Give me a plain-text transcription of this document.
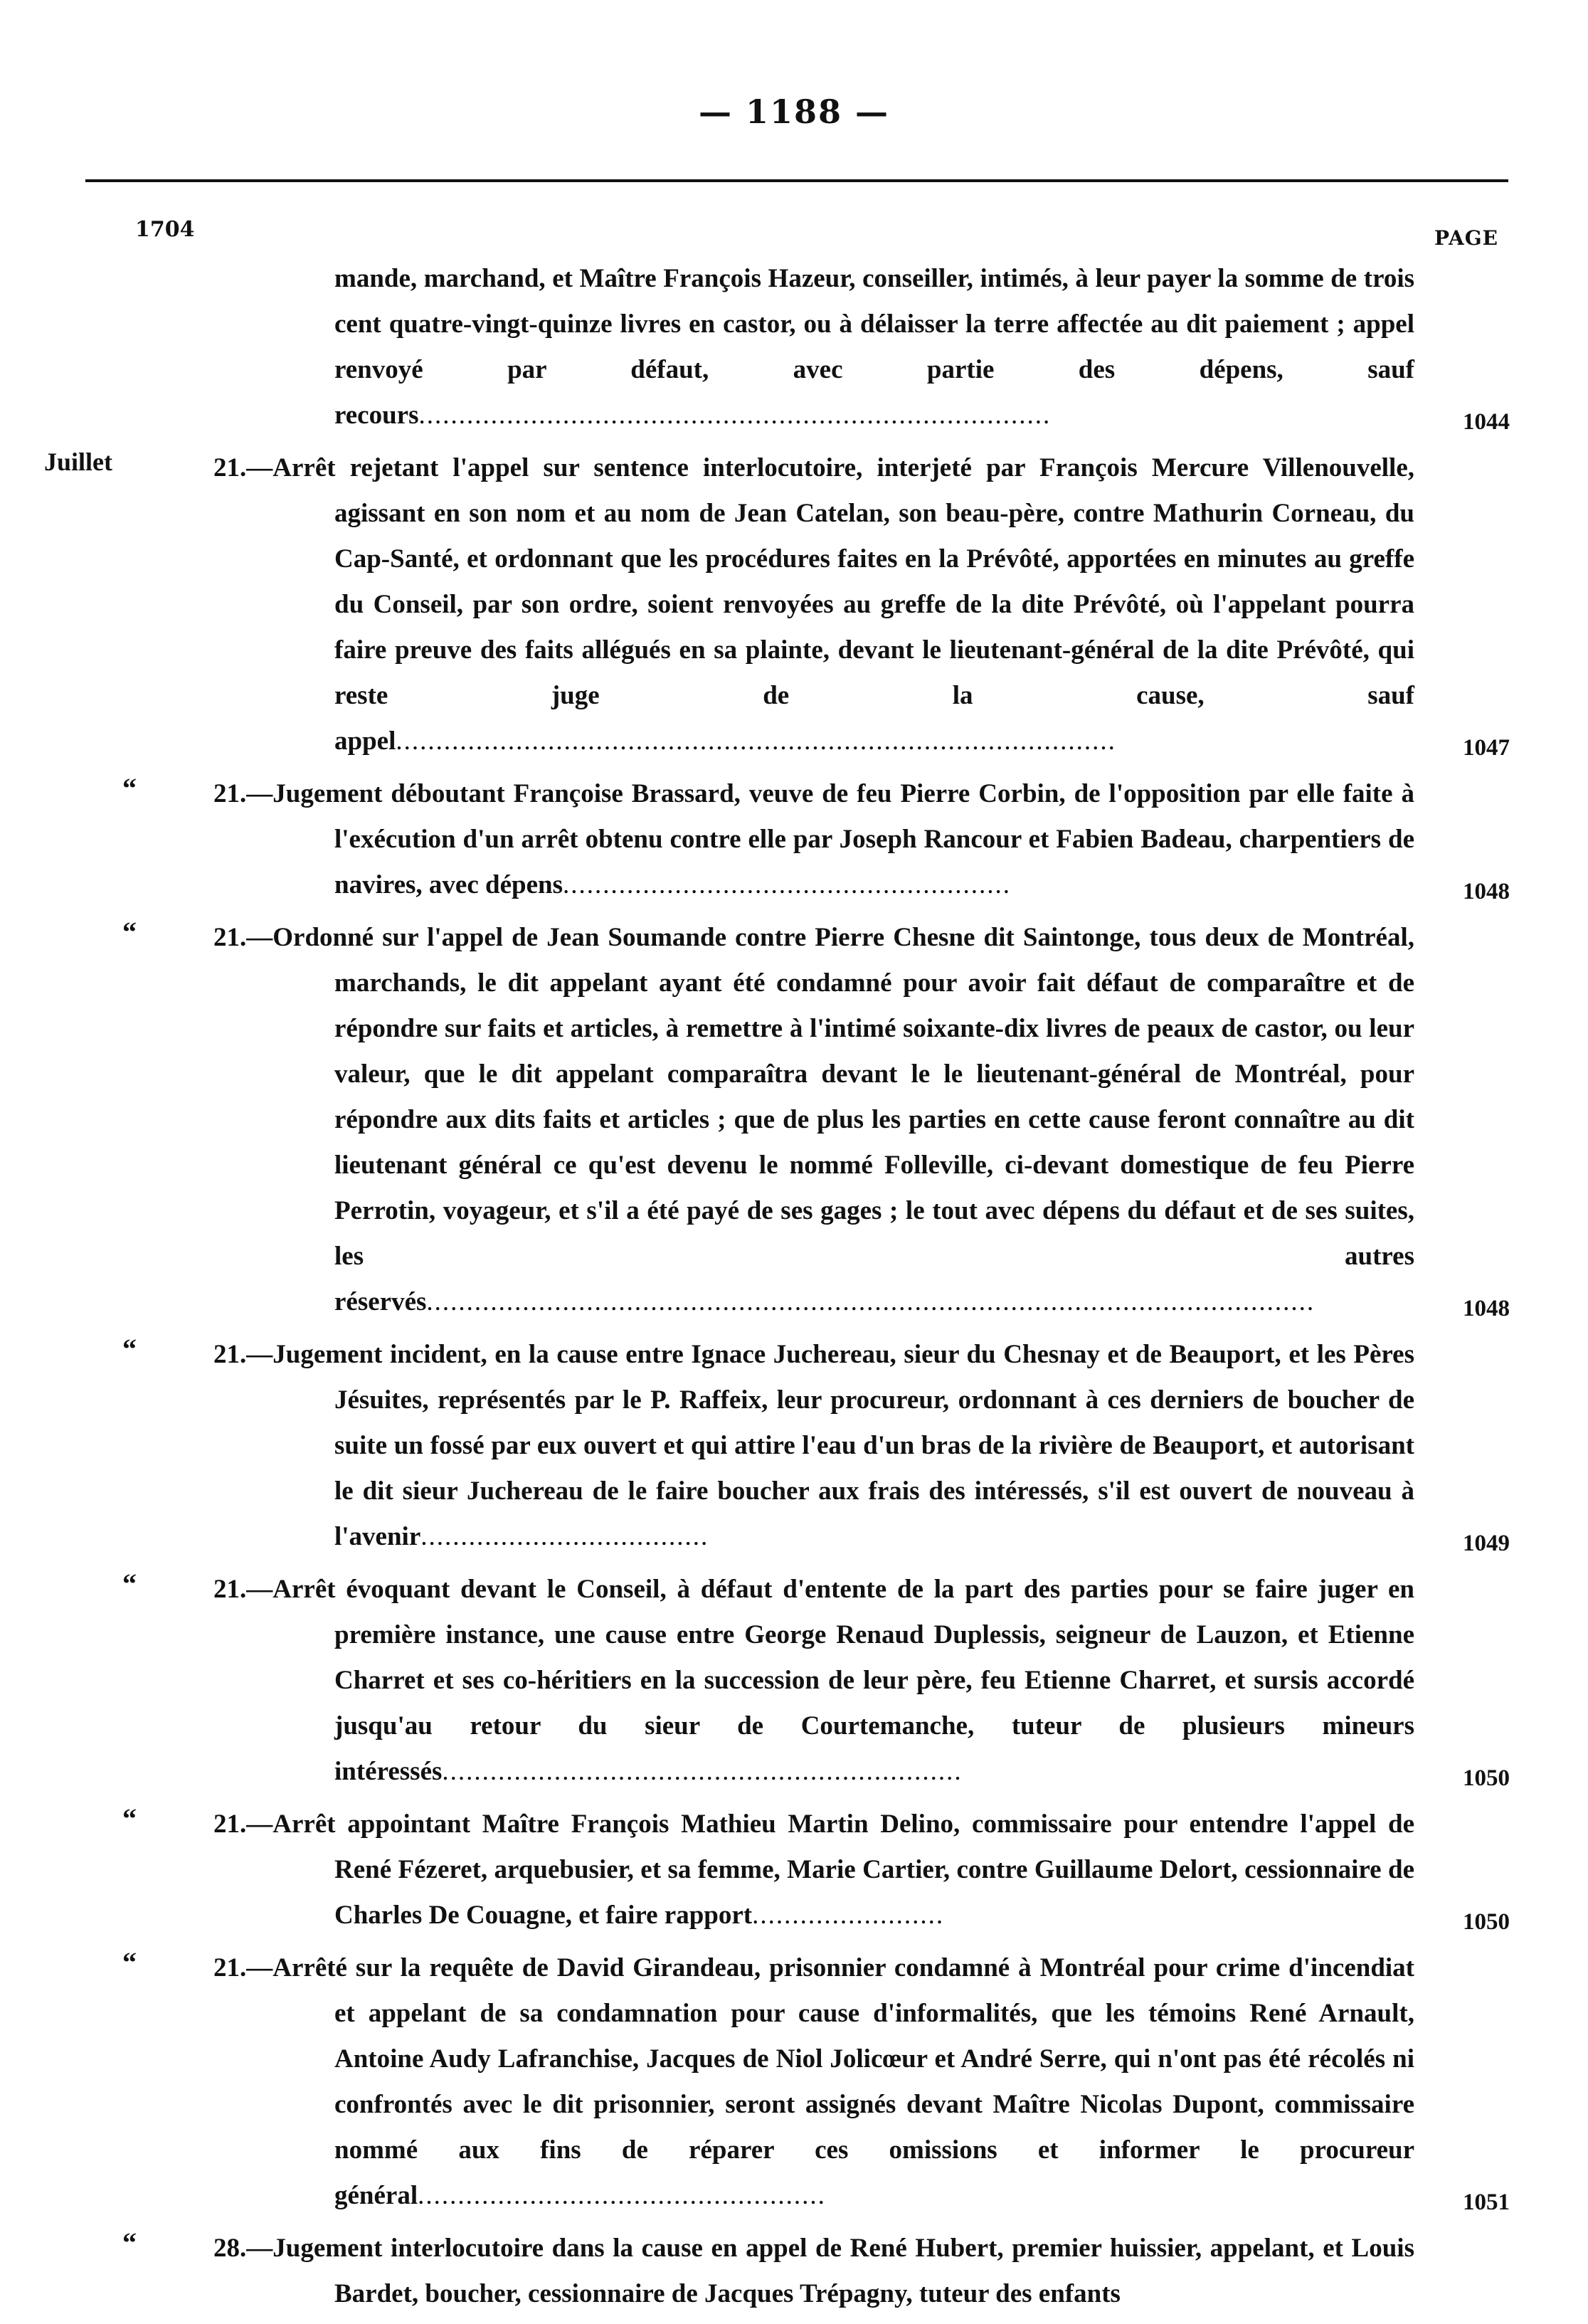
— 1188 —
1704	PAGE
mande, marchand, et Maître François Hazeur, conseiller, intimés, à leur payer la somme de trois cent quatre-vingt-quinze livres en castor, ou à délaisser la terre affectée au dit paiement ; appel renvoyé par défaut, avec partie des dépens, sauf recours...............................................................................	1044
Juillet	21.—Arrêt rejetant l'appel sur sentence interlocutoire, interjeté par François Mercure Villenouvelle, agissant en son nom et au nom de Jean Catelan, son beau-père, contre Mathurin Corneau, du Cap-Santé, et ordonnant que les procédures faites en la Prévôté, apportées en minutes au greffe du Conseil, par son ordre, soient renvoyées au greffe de la dite Prévôté, où l'appelant pourra faire preuve des faits allégués en sa plainte, devant le lieutenant-général de la dite Prévôté, qui reste juge de la cause, sauf appel..........................................................................................	1047
“	21.—Jugement déboutant Françoise Brassard, veuve de feu Pierre Corbin, de l'opposition par elle faite à l'exécution d'un arrêt obtenu contre elle par Joseph Rancour et Fabien Badeau, charpentiers de navires, avec dépens........................................................	1048
“	21.—Ordonné sur l'appel de Jean Soumande contre Pierre Chesne dit Saintonge, tous deux de Montréal, marchands, le dit appelant ayant été condamné pour avoir fait défaut de comparaître et de répondre sur faits et articles, à remettre à l'intimé soixante-dix livres de peaux de castor, ou leur valeur, que le dit appelant comparaîtra devant le le lieutenant-général de Montréal, pour répondre aux dits faits et articles ; que de plus les parties en cette cause feront connaître au dit lieutenant général ce qu'est devenu le nommé Folleville, ci-devant domestique de feu Pierre Perrotin, voyageur, et s'il a été payé de ses gages ; le tout avec dépens du défaut et de ses suites, les autres réservés...............................................................................................................	1048
“	21.—Jugement incident, en la cause entre Ignace Juchereau, sieur du Chesnay et de Beauport, et les Pères Jésuites, représentés par le P. Raffeix, leur procureur, ordonnant à ces derniers de boucher de suite un fossé par eux ouvert et qui attire l'eau d'un bras de la rivière de Beauport, et autorisant le dit sieur Juchereau de le faire boucher aux frais des intéressés, s'il est ouvert de nouveau à l'avenir....................................	1049
“	21.—Arrêt évoquant devant le Conseil, à défaut d'entente de la part des parties pour se faire juger en première instance, une cause entre George Renaud Duplessis, seigneur de Lauzon, et Etienne Charret et ses co-héritiers en la succession de leur père, feu Etienne Charret, et sursis accordé jusqu'au retour du sieur de Courtemanche, tuteur de plusieurs mineurs intéressés.................................................................	1050
“	21.—Arrêt appointant Maître François Mathieu Martin Delino, commissaire pour entendre l'appel de René Fézeret, arquebusier, et sa femme, Marie Cartier, contre Guillaume Delort, cessionnaire de Charles De Couagne, et faire rapport........................	1050
“	21.—Arrêté sur la requête de David Girandeau, prisonnier condamné à Montréal pour crime d'incendiat et appelant de sa condamnation pour cause d'informalités, que les témoins René Arnault, Antoine Audy Lafranchise, Jacques de Niol Jolicœur et André Serre, qui n'ont pas été récolés ni confrontés avec le dit prisonnier, seront assignés devant Maître Nicolas Dupont, commissaire nommé aux fins de réparer ces omissions et informer le procureur général...................................................	1051
“	28.—Jugement interlocutoire dans la cause en appel de René Hubert, premier huissier, appelant, et Louis Bardet, boucher, cessionnaire de Jacques Trépagny, tuteur des enfants
